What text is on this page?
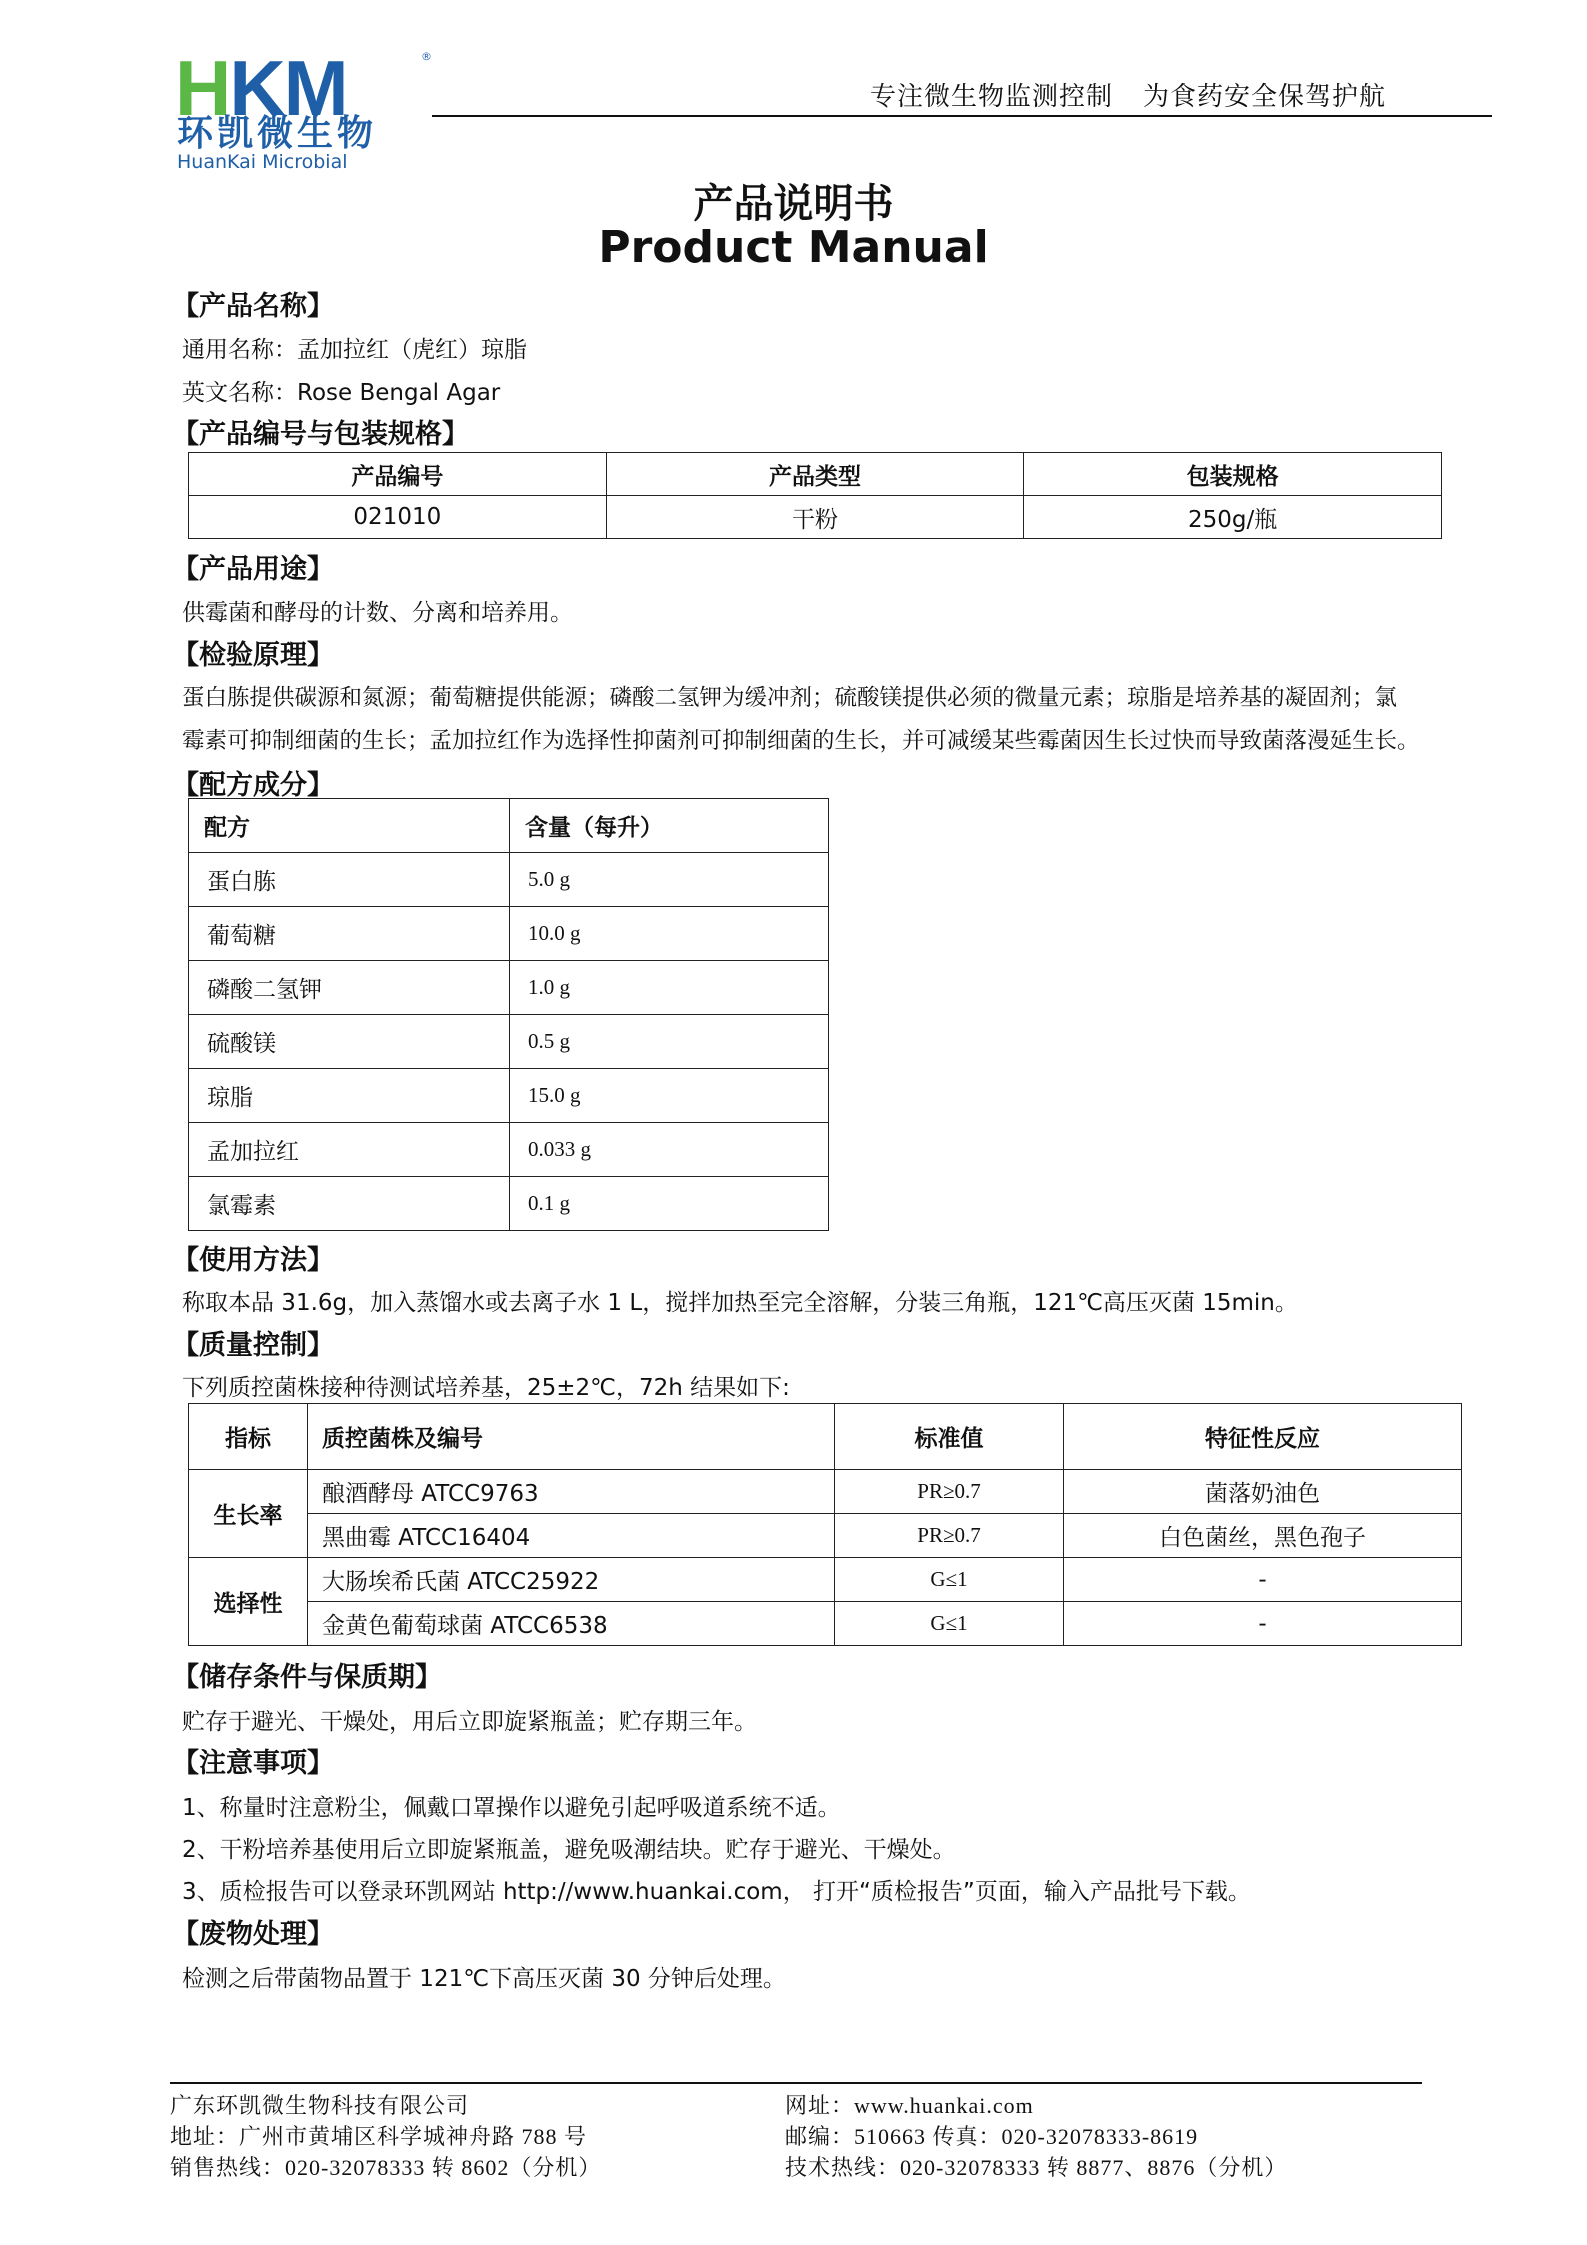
HKM	®
环凯微生物
HuanKai Microbial
专注微生物监测控制 为食药安全保驾护航
产品说明书
Product Manual
【产品名称】
通用名称：孟加拉红（虎红）琼脂
英文名称：Rose Bengal Agar
【产品编号与包装规格】
产品编号	产品类型	包装规格
021010	干粉	250g/瓶
【产品用途】
供霉菌和酵母的计数、分离和培养用。
【检验原理】
蛋白胨提供碳源和氮源；葡萄糖提供能源；磷酸二氢钾为缓冲剂；硫酸镁提供必须的微量元素；琼脂是培养基的凝固剂；氯
霉素可抑制细菌的生长；孟加拉红作为选择性抑菌剂可抑制细菌的生长，并可减缓某些霉菌因生长过快而导致菌落漫延生长。
【配方成分】
配方	含量（每升）
蛋白胨	5.0 g
葡萄糖	10.0 g
磷酸二氢钾	1.0 g
硫酸镁	0.5 g
琼脂	15.0 g
孟加拉红	0.033 g
氯霉素	0.1 g
【使用方法】
称取本品 31.6g，加入蒸馏水或去离子水 1 L，搅拌加热至完全溶解，分装三角瓶，121℃高压灭菌 15min。
【质量控制】
下列质控菌株接种待测试培养基，25±2℃，72h 结果如下:
指标	质控菌株及编号	标准值	特征性反应
生长率	酿酒酵母 ATCC9763	PR≥0.7	菌落奶油色
	黑曲霉 ATCC16404	PR≥0.7	白色菌丝，黑色孢子
选择性	大肠埃希氏菌 ATCC25922	G≤1	-
	金黄色葡萄球菌 ATCC6538	G≤1	-
【储存条件与保质期】
贮存于避光、干燥处，用后立即旋紧瓶盖；贮存期三年。
【注意事项】
1、称量时注意粉尘，佩戴口罩操作以避免引起呼吸道系统不适。
2、干粉培养基使用后立即旋紧瓶盖，避免吸潮结块。贮存于避光、干燥处。
3、质检报告可以登录环凯网站 http://www.huankai.com， 打开“质检报告”页面，输入产品批号下载。
【废物处理】
检测之后带菌物品置于 121℃下高压灭菌 30 分钟后处理。
广东环凯微生物科技有限公司
地址：广州市黄埔区科学城神舟路 788 号
销售热线：020-32078333 转 8602（分机）
网址：www.huankai.com
邮编：510663 传真：020-32078333-8619
技术热线：020-32078333 转 8877、8876（分机）
